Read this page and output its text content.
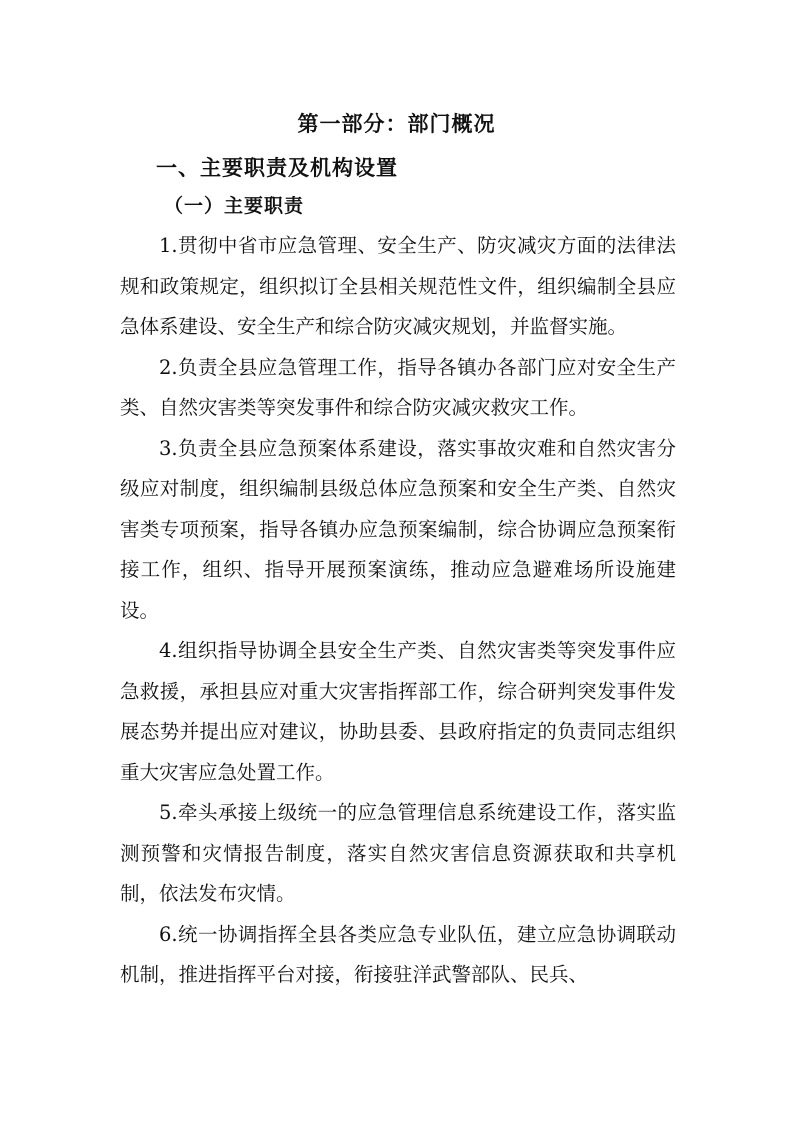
第一部分：部门概况
一、主要职责及机构设置
（一）主要职责

1.贯彻中省市应急管理、安全生产、防灾减灾方面的法律法规和政策规定，组织拟订全县相关规范性文件，组织编制全县应急体系建设、安全生产和综合防灾减灾规划，并监督实施。

2.负责全县应急管理工作，指导各镇办各部门应对安全生产类、自然灾害类等突发事件和综合防灾减灾救灾工作。

3.负责全县应急预案体系建设，落实事故灾难和自然灾害分级应对制度，组织编制县级总体应急预案和安全生产类、自然灾害类专项预案，指导各镇办应急预案编制，综合协调应急预案衔接工作，组织、指导开展预案演练，推动应急避难场所设施建设。

4.组织指导协调全县安全生产类、自然灾害类等突发事件应急救援，承担县应对重大灾害指挥部工作，综合研判突发事件发展态势并提出应对建议，协助县委、县政府指定的负责同志组织重大灾害应急处置工作。

5.牵头承接上级统一的应急管理信息系统建设工作，落实监测预警和灾情报告制度，落实自然灾害信息资源获取和共享机制，依法发布灾情。

6.统一协调指挥全县各类应急专业队伍，建立应急协调联动机制，推进指挥平台对接，衔接驻洋武警部队、民兵、
